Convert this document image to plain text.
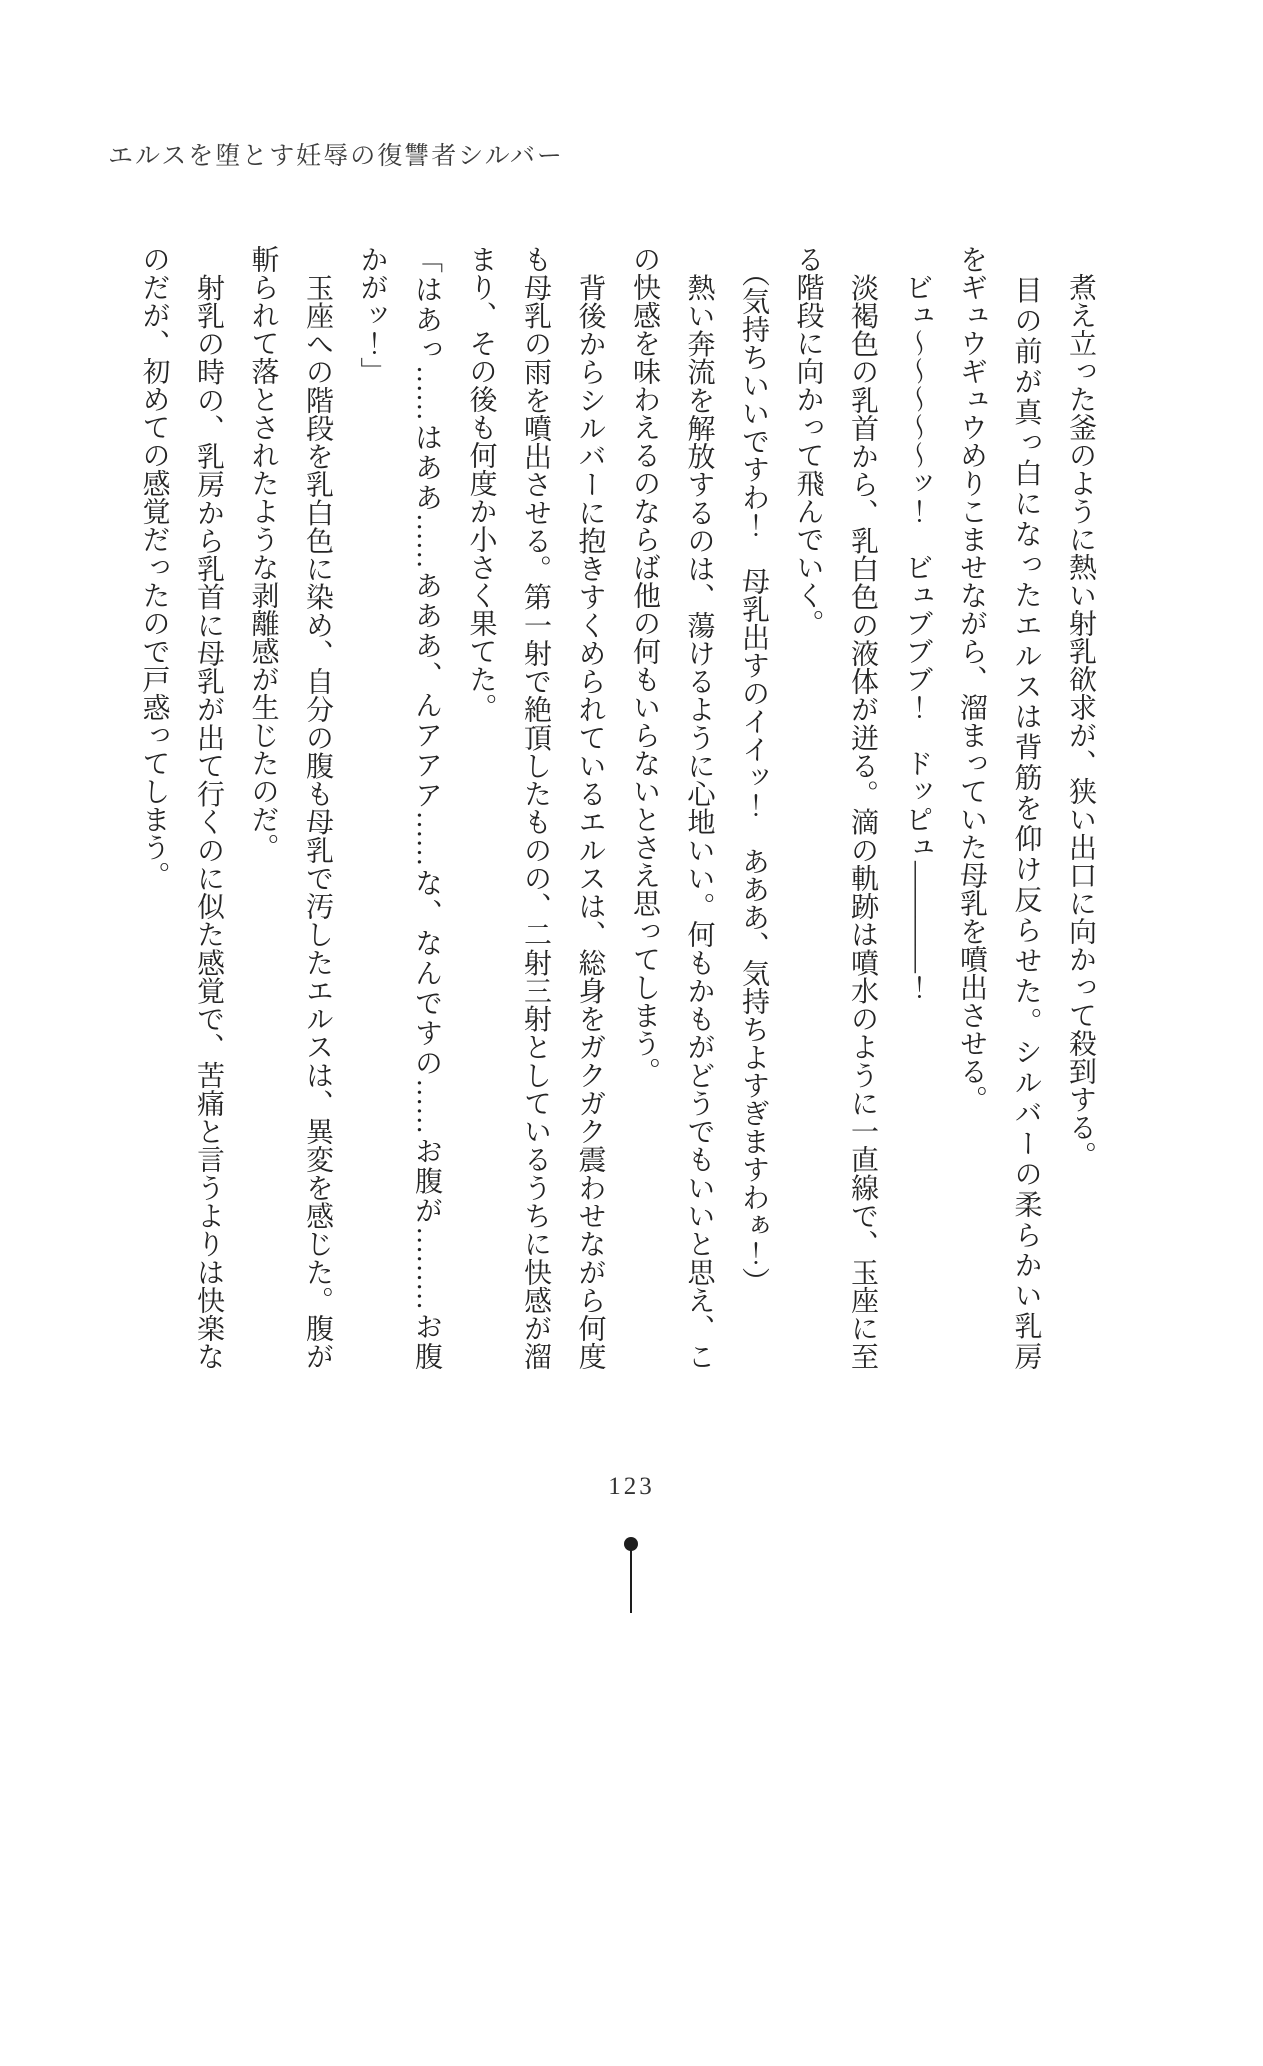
エルスを堕とす妊辱の復讐者シルバー

　煮え立った釜のように熱い射乳欲求が、狭い出口に向かって殺到する。

　目の前が真っ白になったエルスは背筋を仰け反らせた。シルバーの柔らかい乳房

をギュウギュウめりこませながら、溜まっていた母乳を噴出させる。

　ビュ〜〜〜〜〜ッ！　ビュブブブ！　ドッピュ――――！

　淡褐色の乳首から、乳白色の液体が迸る。滴の軌跡は噴水のように一直線で、玉座に至

る階段に向かって飛んでいく。

　（気持ちいいですわ！　母乳出すのイイッ！　あああ、気持ちよすぎますわぁ！）

　熱い奔流を解放するのは、蕩けるように心地いい。何もかもがどうでもいいと思え、こ

の快感を味わえるのならば他の何もいらないとさえ思ってしまう。

　背後からシルバーに抱きすくめられているエルスは、総身をガクガク震わせながら何度

も母乳の雨を噴出させる。第一射で絶頂したものの、二射三射としているうちに快感が溜

まり、その後も何度か小さく果てた。

「はあっ……はああ……あああ、んアアア……な、なんですの……お腹が………お腹

かがッ！」

　玉座への階段を乳白色に染め、自分の腹も母乳で汚したエルスは、異変を感じた。腹が

斬られて落とされたような剥離感が生じたのだ。

　射乳の時の、乳房から乳首に母乳が出て行くのに似た感覚で、苦痛と言うよりは快楽な

のだが、初めての感覚だったので戸惑ってしまう。

123
